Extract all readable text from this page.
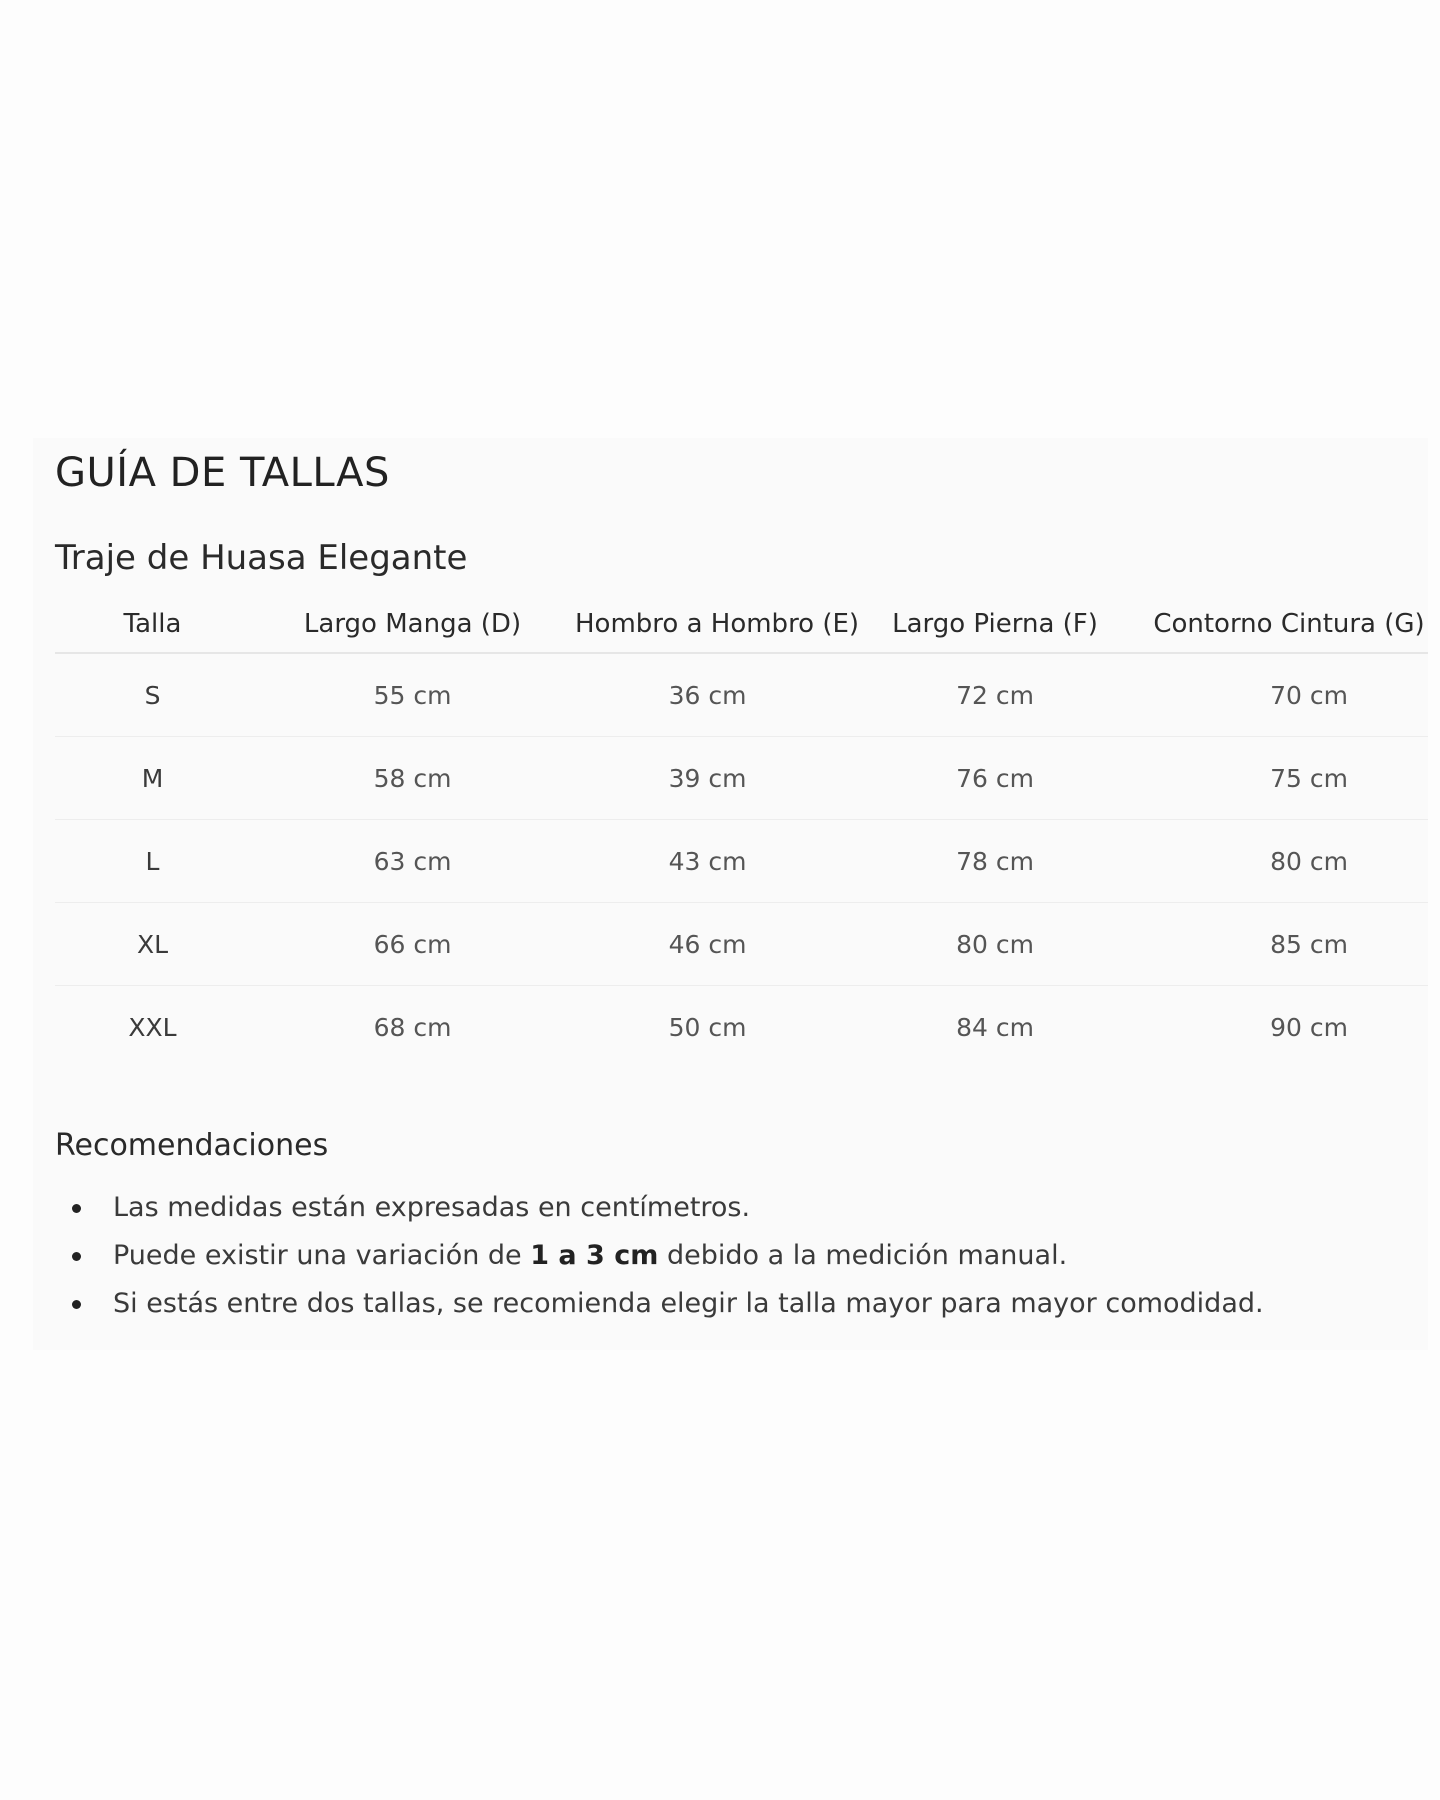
GUÍA DE TALLAS
Traje de Huasa Elegante
Talla	Largo Manga (D)	Hombro a Hombro (E)	Largo Pierna (F)	Contorno Cintura (G)
S	55 cm	36 cm	72 cm	70 cm
M	58 cm	39 cm	76 cm	75 cm
L	63 cm	43 cm	78 cm	80 cm
XL	66 cm	46 cm	80 cm	85 cm
XXL	68 cm	50 cm	84 cm	90 cm
Recomendaciones
Las medidas están expresadas en centímetros.
Puede existir una variación de 1 a 3 cm debido a la medición manual.
Si estás entre dos tallas, se recomienda elegir la talla mayor para mayor comodidad.
